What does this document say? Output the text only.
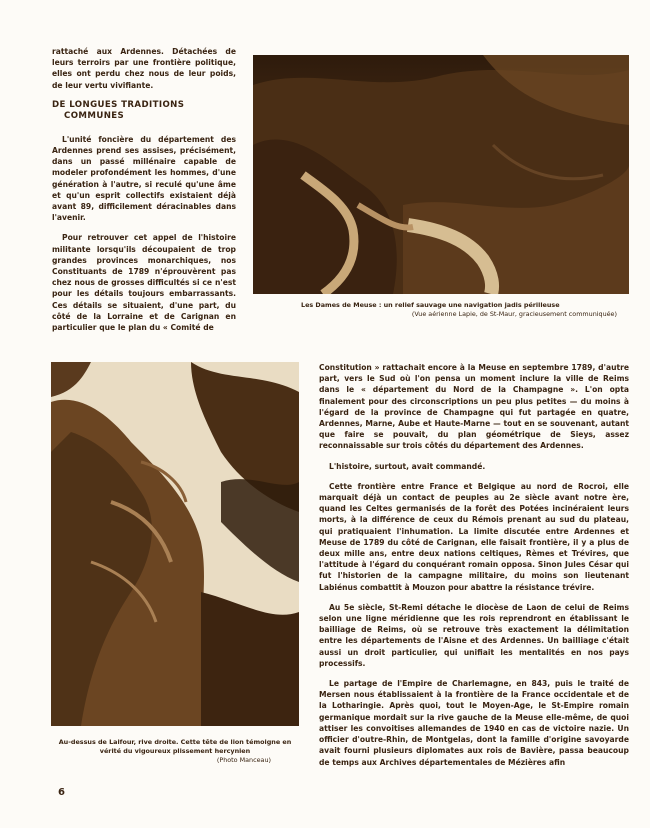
rattaché aux Ardennes. Détachées de leurs terroirs par une frontière politique, elles ont perdu chez nous de leur poids, de leur vertu vivifiante.

DE LONGUES TRADITIONS
COMMUNES

L'unité foncière du département des Ardennes prend ses assises, précisément, dans un passé millénaire capable de modeler profondément les hommes, d'une génération à l'autre, si reculé qu'une âme et qu'un esprit collectifs existaient déjà avant 89, difficilement déracinables dans l'avenir.

Pour retrouver cet appel de l'histoire militante lorsqu'ils découpaient de trop grandes provinces monarchiques, nos Constituants de 1789 n'éprouvèrent pas chez nous de grosses difficultés si ce n'est pour les détails toujours embarrassants. Ces détails se situaient, d'une part, du côté de la Lorraine et de Carignan en particulier que le plan du « Comité de

Les Dames de Meuse : un relief sauvage une navigation jadis périlleuse
(Vue aérienne Lapie, de St-Maur, gracieusement communiquée)
Au-dessus de Laifour, rive droite. Cette tête de lion témoigne en vérité du vigoureux plissement hercynien
(Photo Manceau)

Constitution » rattachait encore à la Meuse en septembre 1789, d'autre part, vers le Sud où l'on pensa un moment inclure la ville de Reims dans le « département du Nord de la Champagne ». L'on opta finalement pour des circonscriptions un peu plus petites — du moins à l'égard de la province de Champagne qui fut partagée en quatre, Ardennes, Marne, Aube et Haute-Marne — tout en se souvenant, autant que faire se pouvait, du plan géométrique de Sieys, assez reconnaissable sur trois côtés du département des Ardennes.

L'histoire, surtout, avait commandé.

Cette frontière entre France et Belgique au nord de Rocroi, elle marquait déjà un contact de peuples au 2e siècle avant notre ère, quand les Celtes germanisés de la forêt des Potées incinéraient leurs morts, à la différence de ceux du Rémois prenant au sud du plateau, qui pratiquaient l'inhumation. La limite discutée entre Ardennes et Meuse de 1789 du côté de Carignan, elle faisait frontière, il y a plus de deux mille ans, entre deux nations celtiques, Rèmes et Trévires, que l'attitude à l'égard du conquérant romain opposa. Sinon Jules César qui fut l'historien de la campagne militaire, du moins son lieutenant Labiénus combattit à Mouzon pour abattre la résistance trévire.

Au 5e siècle, St-Remi détache le diocèse de Laon de celui de Reims selon une ligne méridienne que les rois reprendront en établissant le bailliage de Reims, où se retrouve très exactement la délimitation entre les départements de l'Aisne et des Ardennes. Un bailliage c'était aussi un droit particulier, qui unifiait les mentalités en nos pays processifs.

Le partage de l'Empire de Charlemagne, en 843, puis le traité de Mersen nous établissaient à la frontière de la France occidentale et de la Lotharingie. Après quoi, tout le Moyen-Age, le St-Empire romain germanique mordait sur la rive gauche de la Meuse elle-même, de quoi attiser les convoitises allemandes de 1940 en cas de victoire nazie. Un officier d'outre-Rhin, de Montgelas, dont la famille d'origine savoyarde avait fourni plusieurs diplomates aux rois de Bavière, passa beaucoup de temps aux Archives départementales de Mézières afin

6
